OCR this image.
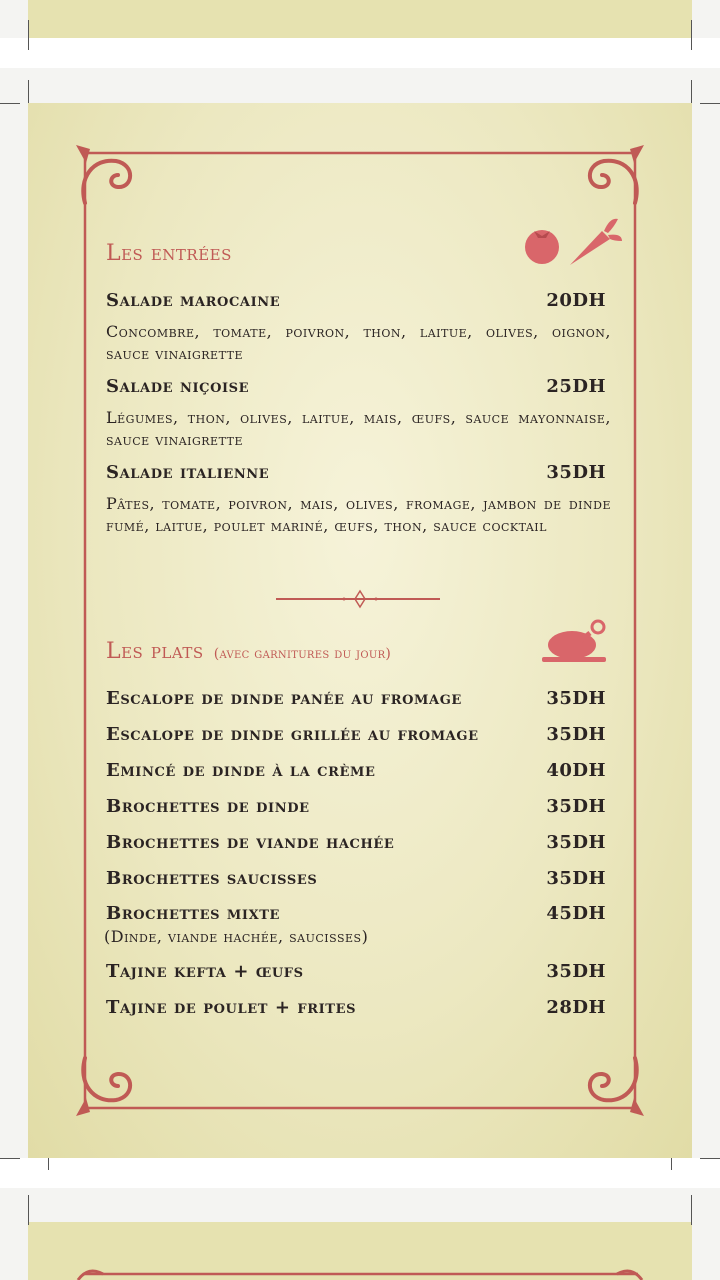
Les entrées
Salade marocaine	20DH
Concombre, tomate, poivron, thon, laitue, olives, oignon, sauce vinaigrette
Salade niçoise	25DH
Légumes, thon, olives, laitue, mais, œufs, sauce mayonnaise, sauce vinaigrette
Salade italienne	35DH
Pâtes, tomate, poivron, mais, olives, fromage, jambon de dinde fumé, laitue, poulet mariné, œufs, thon, sauce cocktail
Les plats (avec garnitures du jour)
Escalope de dinde panée au fromage	35DH
Escalope de dinde grillée au fromage	35DH
Emincé de dinde à la crème	40DH
Brochettes de dinde	35DH
Brochettes de viande hachée	35DH
Brochettes saucisses	35DH
Brochettes mixte	45DH
(Dinde, viande hachée, saucisses)
Tajine kefta + œufs	35DH
Tajine de poulet + frites	28DH
